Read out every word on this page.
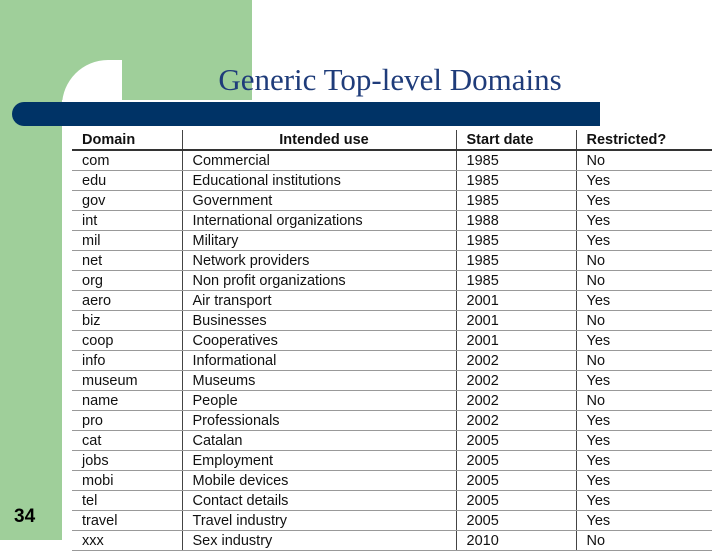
Generic Top-level Domains
Domain	Intended use	Start date	Restricted?
com	Commercial	1985	No
edu	Educational institutions	1985	Yes
gov	Government	1985	Yes
int	International organizations	1988	Yes
mil	Military	1985	Yes
net	Network providers	1985	No
org	Non profit organizations	1985	No
aero	Air transport	2001	Yes
biz	Businesses	2001	No
coop	Cooperatives	2001	Yes
info	Informational	2002	No
museum	Museums	2002	Yes
name	People	2002	No
pro	Professionals	2002	Yes
cat	Catalan	2005	Yes
jobs	Employment	2005	Yes
mobi	Mobile devices	2005	Yes
tel	Contact details	2005	Yes
travel	Travel industry	2005	Yes
xxx	Sex industry	2010	No
34
